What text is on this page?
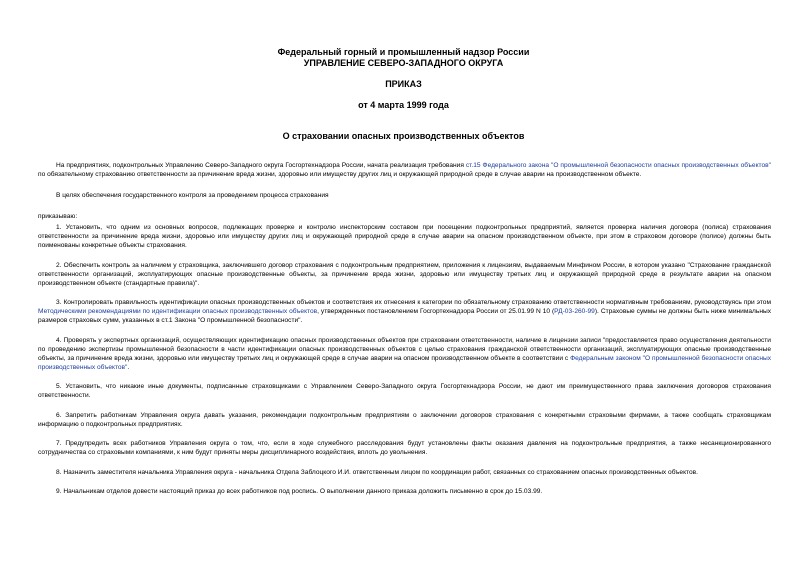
Федеральный горный и промышленный надзор России
УПРАВЛЕНИЕ СЕВЕРО-ЗАПАДНОГО ОКРУГА
ПРИКАЗ
от 4 марта 1999 года
О страховании опасных производственных объектов

На предприятиях, подконтрольных Управлению Северо-Западного округа Госгортехнадзора России, начата реализация требования ст.15 Федерального закона "О промышленной безопасности опасных производственных объектов" по обязательному страхованию ответственности за причинение вреда жизни, здоровью или имуществу других лиц и окружающей природной среде в случае аварии на производственном объекте.

В целях обеспечения государственного контроля за проведением процесса страхования

приказываю:

1. Установить, что одним из основных вопросов, подлежащих проверке и контролю инспекторским составом при посещении подконтрольных предприятий, является проверка наличия договора (полиса) страхования ответственности за причинение вреда жизни, здоровью или имуществу других лиц и окружающей природной среде в случае аварии на опасном производственном объекте, при этом в страховом договоре (полисе) должны быть поименованы конкретные объекты страхования.

2. Обеспечить контроль за наличием у страховщика, заключившего договор страхования с подконтрольным предприятием, приложения к лицензиям, выдаваемым Минфином России, в котором указано "Страхование гражданской ответственности организаций, эксплуатирующих опасные производственные объекты, за причинение вреда жизни, здоровью или имуществу третьих лиц и окружающей природной среде в результате аварии на опасном производственном объекте (стандартные правила)".

3. Контролировать правильность идентификации опасных производственных объектов и соответствия их отнесения к категории по обязательному страхованию ответственности нормативным требованиям, руководствуясь при этом Методическими рекомендациями по идентификации опасных производственных объектов, утвержденных постановлением Госгортехнадзора России от 25.01.99 N 10 (РД-03-260-99). Страховые суммы не должны быть ниже минимальных размеров страховых сумм, указанных в ст.1 Закона "О промышленной безопасности".

4. Проверять у экспертных организаций, осуществляющих идентификацию опасных производственных объектов при страховании ответственности, наличие в лицензии записи "предоставляется право осуществления деятельности по проведению экспертизы промышленной безопасности в части идентификации опасных производственных объектов с целью страхования гражданской ответственности организаций, эксплуатирующих опасные производственные объекты, за причинение вреда жизни, здоровью или имуществу третьих лиц и окружающей среде в случае аварии на опасном производственном объекте в соответствии с Федеральным законом "О промышленной безопасности опасных производственных объектов".

5. Установить, что никакие иные документы, подписанные страховщиками с Управлением Северо-Западного округа Госгортехнадзора России, не дают им преимущественного права заключения договоров страхования ответственности.

6. Запретить работникам Управления округа давать указания, рекомендации подконтрольным предприятиям о заключении договоров страхования с конкретными страховыми фирмами, а также сообщать страховщикам информацию о подконтрольных предприятиях.

7. Предупредить всех работников Управления округа о том, что, если в ходе служебного расследования будут установлены факты оказания давления на подконтрольные предприятия, а также несанкционированного сотрудничества со страховыми компаниями, к ним будут приняты меры дисциплинарного воздействия, вплоть до увольнения.

8. Назначить заместителя начальника Управления округа - начальника Отдела Заблоцкого И.И. ответственным лицом по координации работ, связанных со страхованием опасных производственных объектов.

9. Начальникам отделов довести настоящий приказ до всех работников под роспись. О выполнении данного приказа доложить письменно в срок до 15.03.99.
